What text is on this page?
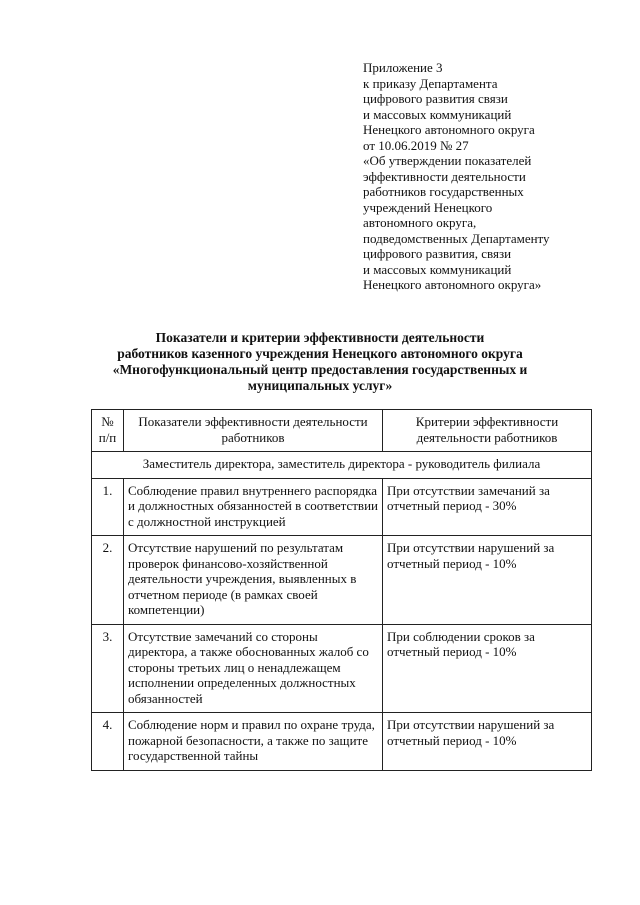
Приложение 3
к приказу Департамента
цифрового развития связи
и массовых коммуникаций
Ненецкого автономного округа
от 10.06.2019 № 27
«Об утверждении показателей
эффективности деятельности
работников государственных
учреждений Ненецкого
автономного округа,
подведомственных Департаменту
цифрового развития, связи
и массовых коммуникаций
Ненецкого автономного округа»
Показатели и критерии эффективности деятельности
работников казенного учреждения Ненецкого автономного округа
«Многофункциональный центр предоставления государственных и
муниципальных услуг»
№ п/п	Показатели эффективности деятельности работников	Критерии эффективности деятельности работников
Заместитель директора, заместитель директора - руководитель филиала		
1.	Соблюдение правил внутреннего распорядка и должностных обязанностей в соответствии с должностной инструкцией	При отсутствии замечаний за отчетный период - 30%
2.	Отсутствие нарушений по результатам проверок финансово-хозяйственной деятельности учреждения, выявленных в отчетном периоде (в рамках своей компетенции)	При отсутствии нарушений за отчетный период - 10%
3.	Отсутствие замечаний со стороны директора, а также обоснованных жалоб со стороны третьих лиц о ненадлежащем исполнении определенных должностных обязанностей	При соблюдении сроков за отчетный период - 10%
4.	Соблюдение норм и правил по охране труда, пожарной безопасности, а также по защите государственной тайны	При отсутствии нарушений за отчетный период - 10%
